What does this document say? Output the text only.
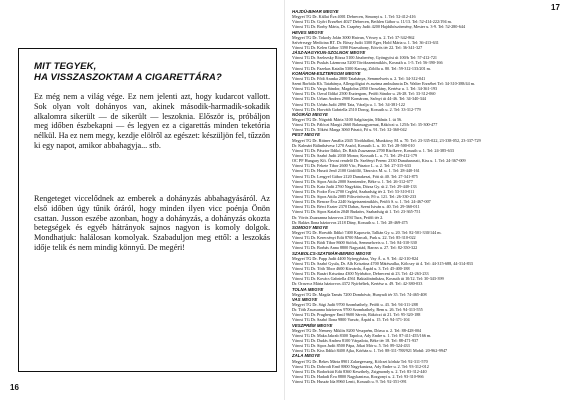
MIT TEGYEK,
HA VISSZASZOKTAM A CIGARETTÁRA?
Ez még nem a világ vége. Ez nem jelenti azt, hogy kudarcot vallott. Sok olyan volt dohányos van, akinek második-harmadik-sokadik alkalomra sikerült — de sikerült — leszoknia. Először is, próbáljon meg időben észbekapni — és legyen ez a cigarettás minden teketória nélkül. Ha ez nem megy, kezdje elölről az egészet: készüljön fel, tűzzön ki egy napot, amikor abbahagyja... stb.
Rengeteget viccelődnek az emberek a dohányzás abbahagyásáról. Az első időben úgy tűnik óráról, hogy minden ilyen vicc poénja Önön csattan. Jusson eszébe azonban, hogy a dohányzás, a dohányzás okozta betegségek és egyéb hátrányok sajnos nagyon is komoly dolgok. Mondhatjuk: halálosan komolyak. Szabaduljon meg ettől: a leszokás idője telik és nem mindig könnyű. De megéri!
16
17
HAJDÚ-BIHAR MEGYE
Megyei TG Dr. Kállai Éva 4001 Debrecen, Simonyi u. 1. Tel: 52-412-416
Városi TG Dr. Győri Erzsébet 4027 Debrecen, Bethlen Gábor u. 11/13. Tel: 52-414-222/194 m.
Városi TG Dr. Borhy Márta, Dr. Csapény Judit 4200 Hajdúböszörmény, Mester u. 3-9. Tel: 52-280-644
HEVES MEGYE
Megyei TG Dr. Tokody Jolán 3000 Hatvan, Vécsey u. 2. Tel: 37-342-862
Szívérrsegy Medicina BT. Dr. Böszy Judit 3300 Eger, Hold Mária u. 1. Tel: 36-413-631
Városi TG Dr. Kelen Gábor 3390 Füzesabony, Eötvös tér 22. Tel: 36-341-327
JÁSZ-NAGYKUN-SZOLNOK MEGYE
Városi TG Dr. Szelezsky Rózsa 5100 Jászberény, Gyöngyösi út 100/b Tel: 57-412-721
Városi TG Dr. Puskás Lázmrosa 5200 Törökszentmiklós, Kossuth u. 1-5. Tel: 56-390-166
Városi TG Dr. Fazekas Katalin 5300 Karcag, Zöldfa u. 80. Tel: 59-312-133/201 m.
KOMÁROM-ESZTERGOM MEGYE
Városi TG Dr. Fődi Aranka 2800 Tatabánya, Semmelweis u. 2. Tel: 34-312-041
Szent Borbála Kh. Tatabánya, Allergológiai és asztma ambulancia Dr. Walter Erzsébet Tel: 34-310-388/44 m.
Városi TG Dr. Varga Sándor, Magdolna 2850 Oroszlány, Kertész u. 1. Tel: 34-361-193
Városi TG Dr. Ozval Ildikó 2500 Esztergom, Petőfi Sándor u. 26-28. Tel: 33-312-060
Városi TG Dr. Urban Andrea 2900 Komárom, Szőnyi út 44-46. Tel: 34-340-344
Városi TG Dr. Urbán Judit 2890 Tata, Váralja u. 1. Tel: 34-381-122
Városi TG Dr. Horváth Gabriella 2510 Dorog, Kossuth u. 2. Tel: 33-312-779
NÓGRÁD MEGYE
Megyei TG Dr. Nógrádi Mária 3100 Salgótarján, Málnás 1. út 56.
Városi TG Dr. Pálóczi Margit 2660 Balassagyarmat, Rákóczi u. 125/b Tel: 35-300-477
Városi TG Dr. Tőkési Marga 3060 Pásztó, Fő u. 91. Tel: 32-360-042
PEST MEGYE
Megyei TG Dr. Rittner Amália 2045 Törökbálint, Munkácsy M. u. 70. Tel: 23-335-022, 23-338-052, 23-337-729
Dr. Kalmári Bálinthávesz 1270 Aszód, Kossuth L. u. 10. Tel: 28-500-010
Városi TG Dr. Pásztor Ildikó, Dr. Ráth Zsuzsanna 2700 Rácfkeve, Kossuth u. 1. Tel: 24-385-633
Városi TG Dr. Szabó Judit 2030 Monor, Kossuth L. u. 71. Tel: 29-412-179
OC PF Hungary Kft. Örvosi rendelő Dr. Szelényi Ferenc 2330 Dunaharaszti, Kiss u. 1. Tel: 24-367-009
Városi TG Dr. Fekete Tibor 2600 Vác, Pásztor L. u. 2. Tel: 27-315-633
Városi TG Dr. Huszti Jenő 2100 Gödöllő, Táncsics M. u. 1. Tel: 28-440-161
Városi TG Dr. Lengyel Gábor 2120 Dunakeszi, Fóti út 40. Tel: 27-341-875
Városi TG Dr. Sipos Attila 2000 Szentendre, Béke u. 1. Tel: 26-312-677
Városi TG Dr. Kata Judit 2760 Nagykáta, Dózsa Gy. út 2. Tel: 29-440-133
Városi TG Dr. Fodor Éva 2700 Cegléd, Szabadság tér 2. Tel: 53-310-011
Városi TG Dr. Sipos Attila 2085 Pilisvörösvár, Fő u. 121. Tel: 26-330-233
Városi TG Dr. Bencze Éva 2240 Szigetszentmiklós, Petőfi S. u. 1. Tel: 24-467-007
Városi TG Dr. Bérci Eszter 2370 Dabas, Szent István u. 40. Tel: 29-360-011
Városi TG Dr. Sipos Katalin 2040 Budaörs, Szabadság út 1. Tel: 23-365-751
Dr. Vörös Zsuzsanna házorvos 2194 Tura, Petőfi tér 2.
Dr. Balázs Ilona háziorvos 2118 Dány, Kossuth u. 1. Tel: 28-469-475
SOMOGY MEGYE
Megyei TG Dr. Horváth Ildikó 7400 Kaposvár, Tallián Gy. u. 20. Tel: 82-501-330/144 m.
Városi TG Dr. Kerecsényi Edit 8700 Marcali, Park u. 22. Tel: 85-310-022
Városi TG Dr. Bódi Tibor 8600 Siófok, Semmelweis u. 1. Tel: 84-310-330
Városi TG Dr. Borbás Anna 8800 Nagyatád, Baross u. 27. Tel: 82-350-322
SZABOLCS-SZATMÁR-BEREG MEGYE
Megyei TG Dr. Papp Judit 4400 Nyíregyháza, Vay Á. u. 9. Tel: 42-310-824
Városi TG Dr. Szabó Gyula, Dr. Alb Krisztina 4700 Mátészalka, Kölcsey út 4. Tel: 44-315-688, 44-314-833
Városi TG Dr. Tóth Tibor 4600 Kisvárda, Árpád u. 3. Tel: 45-400-188
Városi TG Dr. Basári Krisztina 4300 Nyírbátor, Debreceni út 23. Tel: 42-263-233
Városi TG Dr. Kovács Gabriella 4561 Baktalórántháza, Kossuth út 10/12. Tel: 30-343-399
Dr. Oravecz Mária háziorvos 4372 Nyírbéltek, Kertész u. 49. Tel: 42-380-033
TOLNA MEGYE
Megyei TG Dr. Magda Tamás 7200 Dombóvár, Hunyadi tér 35. Tel: 74-465-408
VAS MEGYE
Megyei TG Dr. Sági Judit 9700 Szombathely, Petőfi u. 43. Tel: 94-311-288
Dr. Tóth Zsuzsanna háziorvos 9700 Szombathely, Bem u. 26. Tel: 94-313-555
Városi TG Dr. Prugberger Emil 9600 Sárvár, Rákóczi út 21. Tel: 95-320-188
Városi TG Dr. Szabó Ilona 9800 Vasvár, Árpád u. 15. Tel: 94-371-104
VESZPRÉM MEGYE
Megyei TG Dr. Nemesy Miklós 8200 Veszprém, Dózsa u. 2. Tel: 88-428-004
Városi TG Dr. Maka Jakrab 8300 Tapolca, Ady Endre u. 1. Tel: 87-411-455/166 m.
Városi TG Dr. Dudás Andrea 8100 Várpalota, Béke tér 18. Tel: 88-471-937
Városi TG Dr. Sipos Judit 8500 Pápa, Jókai Mór u. 5. Tel: 89-324-433
Városi TG Dr. Kiss Ildikó 8400 Ajka, Kórház u. 1. Tel: 88-311-788/921 Mobil: 20-962-9947
ZALA MEGYE
Megyei TG Dr. Bekes Márta 8901 Zalaegerszeg, Kölcsei körház Tel: 92-311-570
Városi TG Dr. Dobrodi Ernő 8800 Nagykanizsa, Ady Endre u. 2. Tel: 93-312-012
Városi TG Dr. Bodorkúti Edit 8360 Keszthely, Zsigmondy u. 2. Tel: 83-312-440
Városi TG Dr. Hadadi Éva 8800 Nagykanizsa, Rozgonyi u. 2. Tel: 93-310-966
Városi TG Dr. Huszár Ida 8960 Lenti, Kossuth u. 9. Tel: 92-351-091
